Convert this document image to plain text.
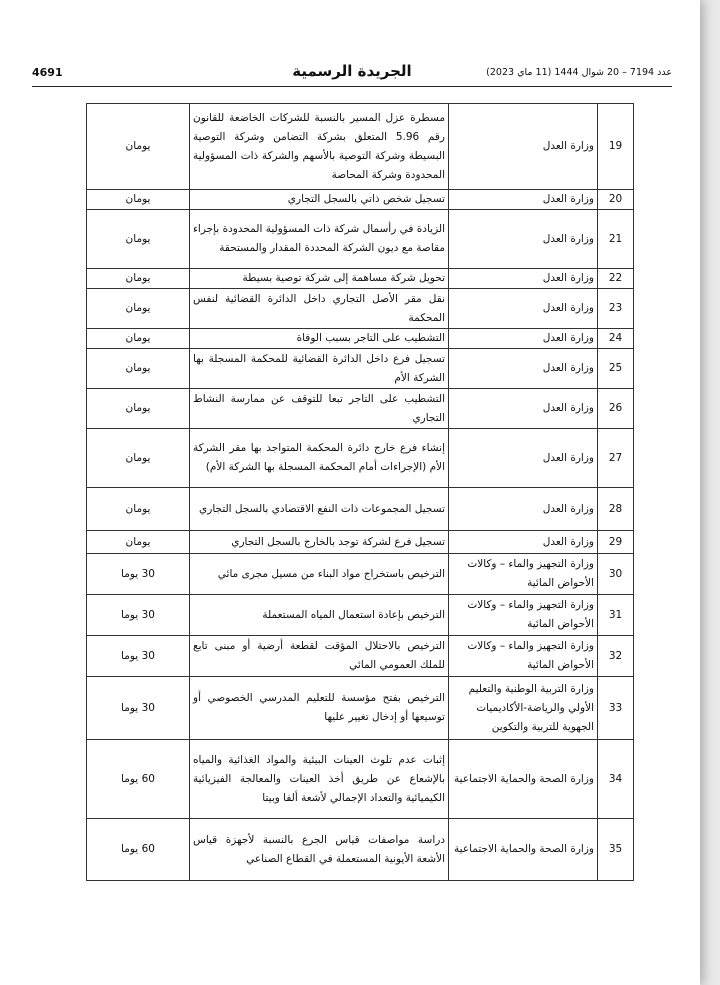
4691	الجريدة الرسمية	عدد 7194 – 20 شوال 1444 (11 ماي 2023)
19	وزارة العدل	مسطرة عزل المسير بالنسبة للشركات الخاضعة للقانون رقم 5.96 المتعلق بشركة التضامن وشركة التوصية البسيطة وشركة التوصية بالأسهم والشركة ذات المسؤولية المحدودة وشركة المحاصة	يومان
20	وزارة العدل	تسجيل شخص ذاتي بالسجل التجاري	يومان
21	وزارة العدل	الزيادة في رأسمال شركة ذات المسؤولية المحدودة بإجراء مقاصة مع ديون الشركة المحددة المقدار والمستحقة	يومان
22	وزارة العدل	تحويل شركة مساهمة إلى شركة توصية بسيطة	يومان
23	وزارة العدل	نقل مقر الأصل التجاري داخل الدائرة القضائية لنفس المحكمة	يومان
24	وزارة العدل	التشطيب على التاجر بسبب الوفاة	يومان
25	وزارة العدل	تسجيل فرع داخل الدائرة القضائية للمحكمة المسجلة بها الشركة الأم	يومان
26	وزارة العدل	التشطيب على التاجر تبعا للتوقف عن ممارسة النشاط التجاري	يومان
27	وزارة العدل	إنشاء فرع خارج دائرة المحكمة المتواجد بها مقر الشركة الأم (الإجراءات أمام المحكمة المسجلة بها الشركة الأم)	يومان
28	وزارة العدل	تسجيل المجموعات ذات النفع الاقتصادي بالسجل التجاري	يومان
29	وزارة العدل	تسجيل فرع لشركة توجد بالخارج بالسجل التجاري	يومان
30	وزارة التجهيز والماء – وكالات الأحواض المائية	الترخيص باستخراج مواد البناء من مسيل مجرى مائي	30 يوما
31	وزارة التجهيز والماء – وكالات الأحواض المائية	الترخيص بإعادة استعمال المياه المستعملة	30 يوما
32	وزارة التجهيز والماء – وكالات الأحواض المائية	الترخيص بالاحتلال المؤقت لقطعة أرضية أو مبنى تابع للملك العمومي المائي	30 يوما
33	وزارة التربية الوطنية والتعليم الأولي والرياضة-الأكاديميات الجهوية للتربية والتكوين	الترخيص بفتح مؤسسة للتعليم المدرسي الخصوصي أو توسيعها أو إدخال تغيير عليها	30 يوما
34	وزارة الصحة والحماية الاجتماعية	إثبات عدم تلوث العينات البيئية والمواد الغذائية والمياه بالإشعاع عن طريق أخذ العينات والمعالجة الفيزيائية الكيميائية والتعداد الإجمالي لأشعة ألفا وبيتا	60 يوما
35	وزارة الصحة والحماية الاجتماعية	دراسة مواصفات قياس الجرع بالنسبة لأجهزة قياس الأشعة الأيونية المستعملة في القطاع الصناعي	60 يوما
